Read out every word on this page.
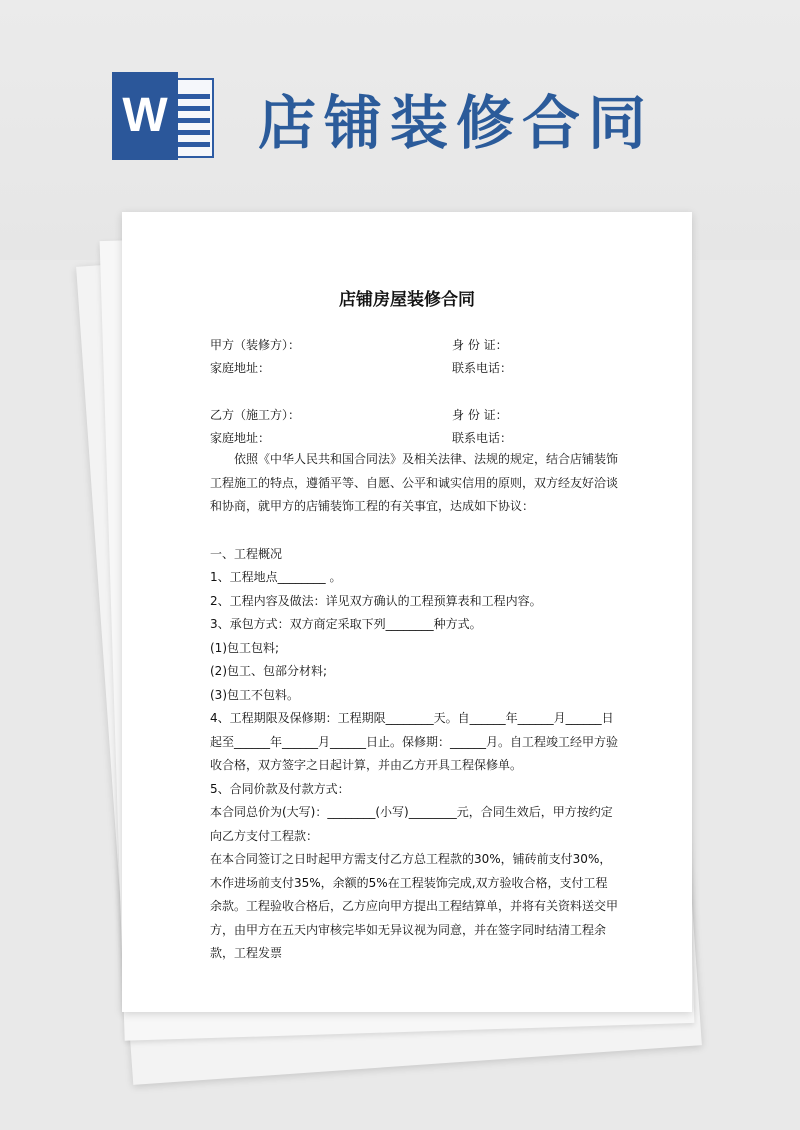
W 店铺装修合同
店铺房屋装修合同
甲方（装修方）：	身 份 证：
家庭地址：	联系电话：
乙方（施工方）：	身 份 证：
家庭地址：	联系电话：

依照《中华人民共和国合同法》及相关法律、法规的规定，结合店铺装饰工程施工的特点，遵循平等、自愿、公平和诚实信用的原则，双方经友好洽谈和协商，就甲方的店铺装饰工程的有关事宜，达成如下协议：

一、工程概况

1、工程地点________ 。

2、工程内容及做法：详见双方确认的工程预算表和工程内容。

3、承包方式：双方商定采取下列________种方式。

(1)包工包料;

(2)包工、包部分材料;

(3)包工不包料。

4、工程期限及保修期：工程期限________天。自______年______月______日起至______年______月______日止。保修期：______月。自工程竣工经甲方验收合格，双方签字之日起计算，并由乙方开具工程保修单。

5、合同价款及付款方式：

本合同总价为(大写)：________(小写)________元，合同生效后，甲方按约定向乙方支付工程款：

在本合同签订之日时起甲方需支付乙方总工程款的30%，铺砖前支付30%，木作进场前支付35%，余额的5%在工程装饰完成,双方验收合格，支付工程余款。工程验收合格后，乙方应向甲方提出工程结算单，并将有关资料送交甲方，由甲方在五天内审核完毕如无异议视为同意，并在签字同时结清工程余款，工程发票
